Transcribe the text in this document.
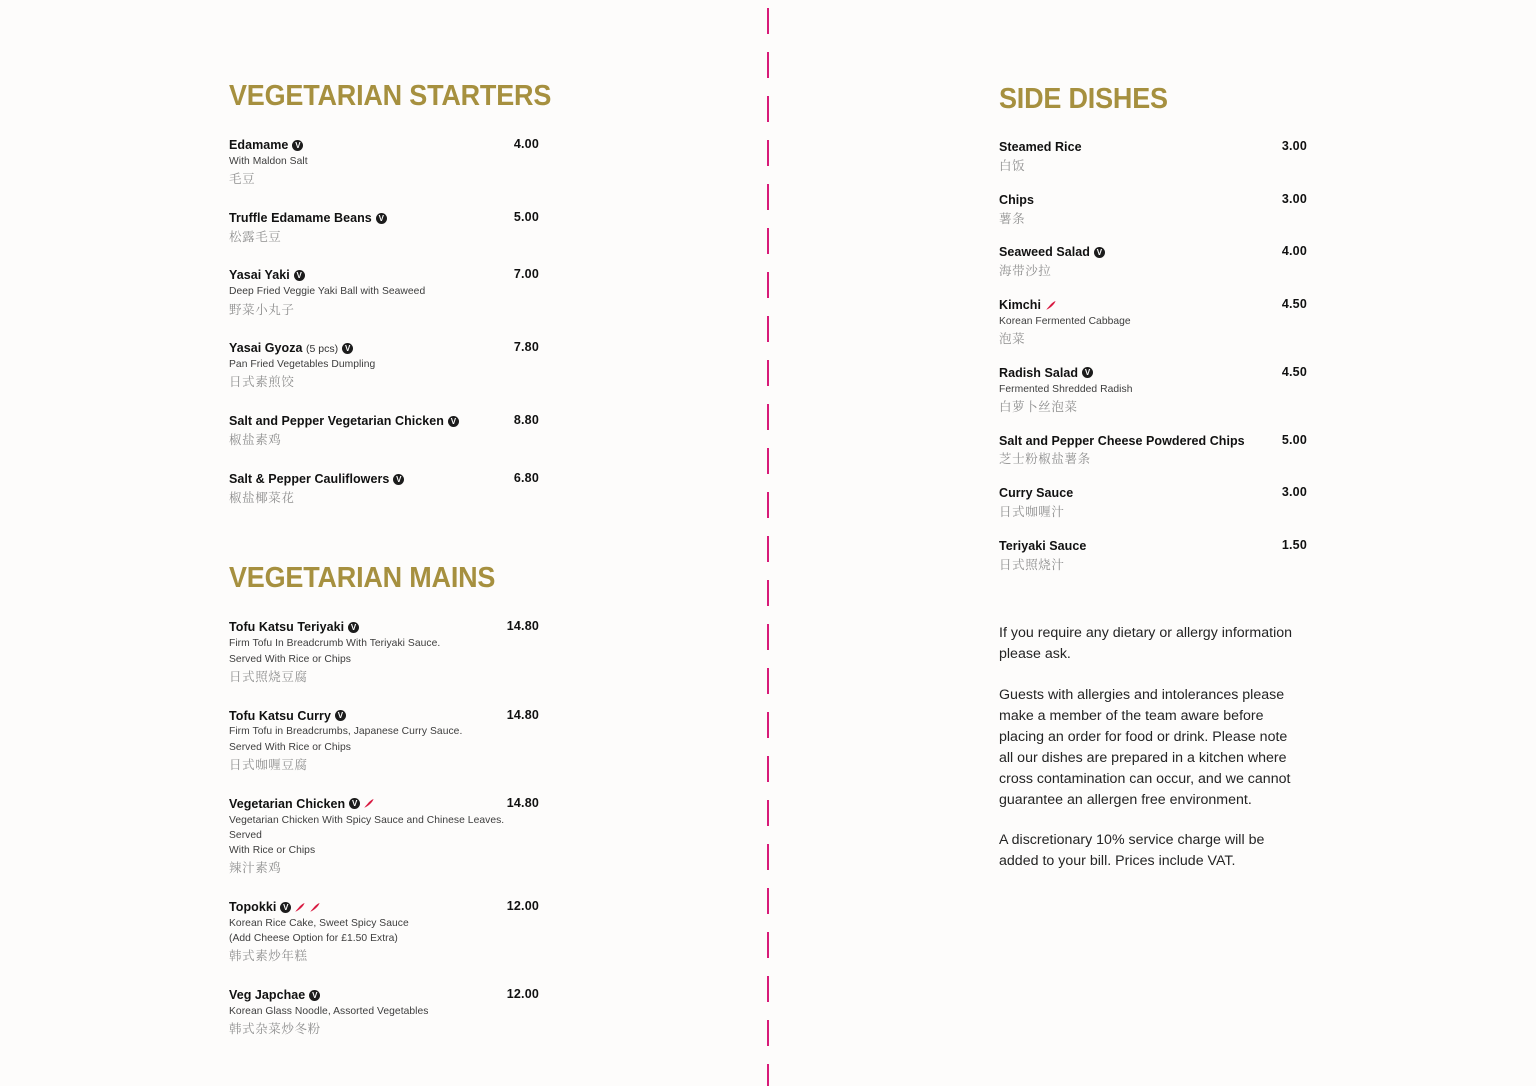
VEGETARIAN STARTERS
Edamame V	4.00
With Maldon Salt
毛豆
Truffle Edamame Beans V	5.00
松露毛豆
Yasai Yaki V	7.00
Deep Fried Veggie Yaki Ball with Seaweed
野菜小丸子
Yasai Gyoza (5 pcs) V	7.80
Pan Fried Vegetables Dumpling
日式素煎饺
Salt and Pepper Vegetarian Chicken V	8.80
椒盐素鸡
Salt & Pepper Cauliflowers V	6.80
椒盐椰菜花
VEGETARIAN MAINS
Tofu Katsu Teriyaki V	14.80
Firm Tofu In Breadcrumb With Teriyaki Sauce.
Served With Rice or Chips
日式照烧豆腐
Tofu Katsu Curry V	14.80
Firm Tofu in Breadcrumbs, Japanese Curry Sauce.
Served With Rice or Chips
日式咖喱豆腐
Vegetarian Chicken V	14.80
Vegetarian Chicken With Spicy Sauce and Chinese Leaves. Served
With Rice or Chips
辣汁素鸡
Topokki V	12.00
Korean Rice Cake, Sweet Spicy Sauce
(Add Cheese Option for £1.50 Extra)
韩式素炒年糕
Veg Japchae V	12.00
Korean Glass Noodle, Assorted Vegetables
韩式杂菜炒冬粉
SIDE DISHES
Steamed Rice	3.00
白饭
Chips	3.00
薯条
Seaweed Salad V	4.00
海带沙拉
Kimchi	4.50
Korean Fermented Cabbage
泡菜
Radish Salad V	4.50
Fermented Shredded Radish
白萝卜丝泡菜
Salt and Pepper Cheese Powdered Chips	5.00
芝士粉椒盐薯条
Curry Sauce	3.00
日式咖喱汁
Teriyaki Sauce	1.50
日式照烧汁
If you require any dietary or allergy information please ask.
Guests with allergies and intolerances please make a member of the team aware before placing an order for food or drink. Please note all our dishes are prepared in a kitchen where cross contamination can occur, and we cannot guarantee an allergen free environment.
A discretionary 10% service charge will be added to your bill. Prices include VAT.
